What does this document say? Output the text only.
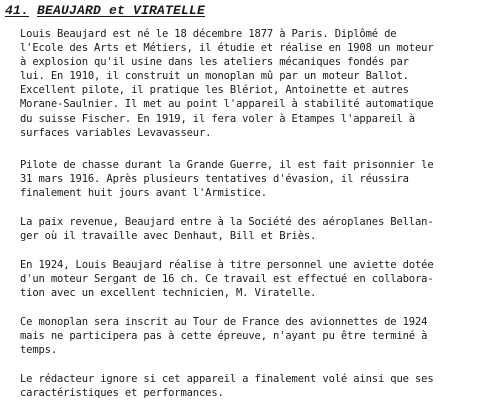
41. BEAUJARD et VIRATELLE

Louis Beaujard est né le 18 décembre 1877 à Paris. Diplômé de
l'Ecole des Arts et Métiers, il étudie et réalise en 1908 un moteur
à explosion qu'il usine dans les ateliers mécaniques fondés par
lui. En 1910, il construit un monoplan mû par un moteur Ballot.
Excellent pilote, il pratique les Blériot, Antoinette et autres
Morane-Saulnier. Il met au point l'appareil à stabilité automatique
du suisse Fischer. En 1919, il fera voler à Etampes l'appareil à
surfaces variables Levavasseur.

Pilote de chasse durant la Grande Guerre, il est fait prisonnier le
31 mars 1916. Après plusieurs tentatives d'évasion, il réussira
finalement huit jours avant l'Armistice.

La paix revenue, Beaujard entre à la Société des aéroplanes Bellan-
ger où il travaille avec Denhaut, Bill et Briès.

En 1924, Louis Beaujard réalise à titre personnel une aviette dotée
d'un moteur Sergant de 16 ch. Ce travail est effectué en collabora-
tion avec un excellent technicien, M. Viratelle.

Ce monoplan sera inscrit au Tour de France des avionnettes de 1924
mais ne participera pas à cette épreuve, n'ayant pu être terminé à
temps.

Le rédacteur ignore si cet appareil a finalement volé ainsi que ses
caractéristiques et performances.
